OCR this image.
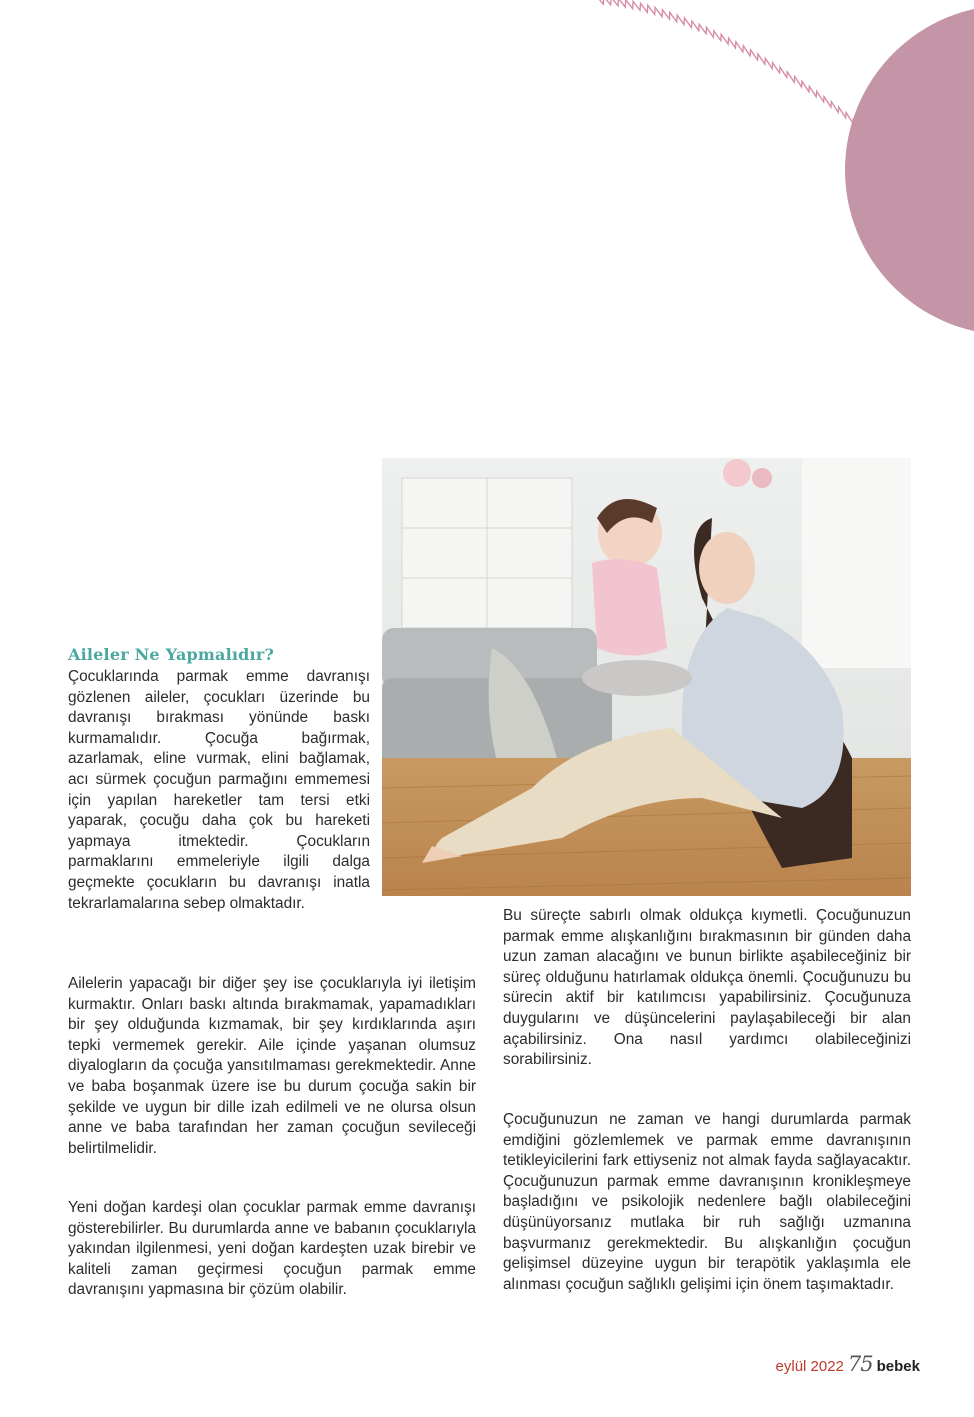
Aileler Ne Yapmalıdır?

Çocuklarında parmak emme davranışı gözlenen aileler, çocukları üzerinde bu davranışı bırakması yönünde baskı kurmamalıdır. Çocuğa bağırmak, azarlamak, eline vurmak, elini bağlamak, acı sürmek çocuğun parmağını emmemesi için yapılan hareketler tam tersi etki yaparak, çocuğu daha çok bu hareketi yapmaya itmektedir. Çocukların parmaklarını emmeleriyle ilgili dalga geçmekte çocukların bu davranışı inatla tekrarlamalarına sebep olmaktadır.

Ailelerin yapacağı bir diğer şey ise çocuklarıyla iyi iletişim kurmaktır. Onları baskı altında bırakmamak, yapamadıkları bir şey olduğunda kızmamak, bir şey kırdıklarında aşırı tepki vermemek gerekir. Aile içinde yaşanan olumsuz diyalogların da çocuğa yansıtılmaması gerekmektedir. Anne ve baba boşanmak üzere ise bu durum çocuğa sakin bir şekilde ve uygun bir dille izah edilmeli ve ne olursa olsun anne ve baba tarafından her zaman çocuğun sevileceği belirtilmelidir.

Yeni doğan kardeşi olan çocuklar parmak emme davranışı gösterebilirler. Bu durumlarda anne ve babanın çocuklarıyla yakından ilgilenmesi, yeni doğan kardeşten uzak birebir ve kaliteli zaman geçirmesi çocuğun parmak emme davranışını yapmasına bir çözüm olabilir.

Bu süreçte sabırlı olmak oldukça kıymetli. Çocuğunuzun parmak emme alışkanlığını bırakmasının bir günden daha uzun zaman alacağını ve bunun birlikte aşabileceğiniz bir süreç olduğunu hatırlamak oldukça önemli. Çocuğunuzu bu sürecin aktif bir katılımcısı yapabilirsiniz. Çocuğunuza duygularını ve düşüncelerini paylaşabileceği bir alan açabilirsiniz. Ona nasıl yardımcı olabileceğinizi sorabilirsiniz.

Çocuğunuzun ne zaman ve hangi durumlarda parmak emdiğini gözlemlemek ve parmak emme davranışının tetikleyicilerini fark ettiyseniz not almak fayda sağlayacaktır. Çocuğunuzun parmak emme davranışının kronikleşmeye başladığını ve psikolojik nedenlere bağlı olabileceğini düşünüyorsanız mutlaka bir ruh sağlığı uzmanına başvurmanız gerekmektedir. Bu alışkanlığın çocuğun gelişimsel düzeyine uygun bir terapötik yaklaşımla ele alınması çocuğun sağlıklı gelişimi için önem taşımaktadır.

eylül 2022 75 bebek
